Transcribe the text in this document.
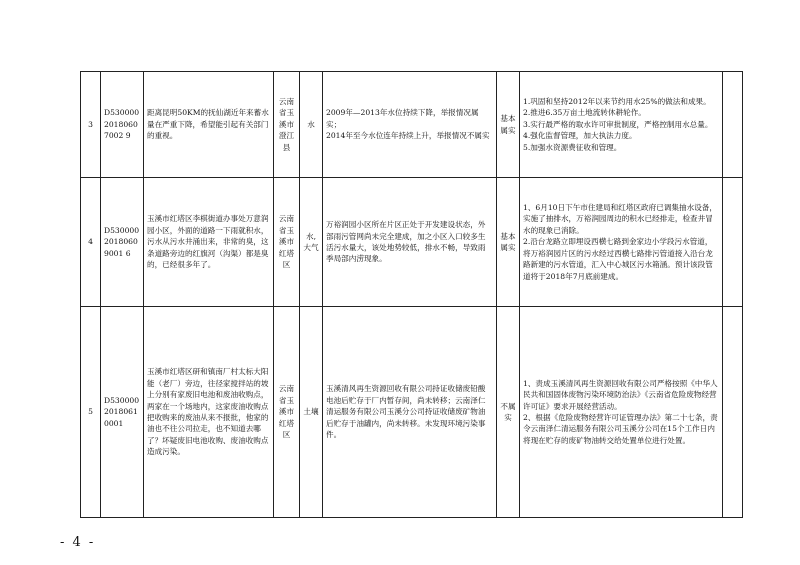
3	D53000020180607002 9	距离昆明50KM的抚仙湖近年来蓄水量在严重下降，希望能引起有关部门的重视。	云南省玉溪市澄江县	水	2009年—2013年水位持续下降，举报情况属实；
2014年至今水位连年持续上升，举报情况不属实	基本属实	1.巩固和坚持2012年以来节约用水25%的做法和成果。
2.推进6.35万亩土地流转休耕轮作。
3.实行最严格的取水许可审批制度，严格控制用水总量。
4.强化监督管理，加大执法力度。
5.加强水资源费征收和管理。	

4	D53000020180609001 6	玉溪市红塔区李棋街道办事处万意润园小区，外面的道路一下雨就积水，污水从污水井涌出来，非常的臭，这条道路旁边的红旗河（沟渠）都是臭的，已经很多年了。	云南省玉溪市红塔区	水,大气	万裕润园小区所在片区正处于开发建设状态，外部雨污管网尚未完全建成，加之小区入口较多生活污水量大，该处地势较低，排水不畅，导致雨季局部内涝现象。	基本属实	1、6月10日下午市住建局和红塔区政府已调集抽水设备，实施了抽排水，万裕润园周边的积水已经排走，检查井冒水的现象已消除。
2.沿台龙路立即埋设西横七路到金家边小学段污水管道，将万裕润园片区的污水经过西横七路排污管道接入沿台龙路新建的污水管道，汇入中心城区污水箱涵。预计该段管道将于2018年7月底前建成。	

5	D53000020180610001	玉溪市红塔区研和镇南厂村太标大阳能（老厂）旁边，往径家搅拌站的坡上分别有家废旧电池和废油收购点，两家在一个场地内，这家废油收购点把收购来的废油从来不报批，他家的油也不往公司拉走，也不知道去哪了？坏疑废旧电池收购、废油收购点造成污染。	云南省玉溪市红塔区	土壤	玉溪清风再生资源回收有限公司持证收储废铅酸电池后贮存于厂内暂存间，尚未转移；云南泽仁清运服务有限公司玉溪分公司持证收储废矿物油后贮存于油罐内，尚未转移。未发现环境污染事件。	不属实	1、责成玉溪清风再生资源回收有限公司严格按照《中华人民共和国固体废物污染环境防治法》《云南省危险废物经营许可证》要求开展经营活动。
2、根据《危险废物经营许可证管理办法》第二十七条，责令云南泽仁清运服务有限公司玉溪分公司在15个工作日内将现在贮存的废矿物油转交给处置单位进行处置。	

- 4 -
